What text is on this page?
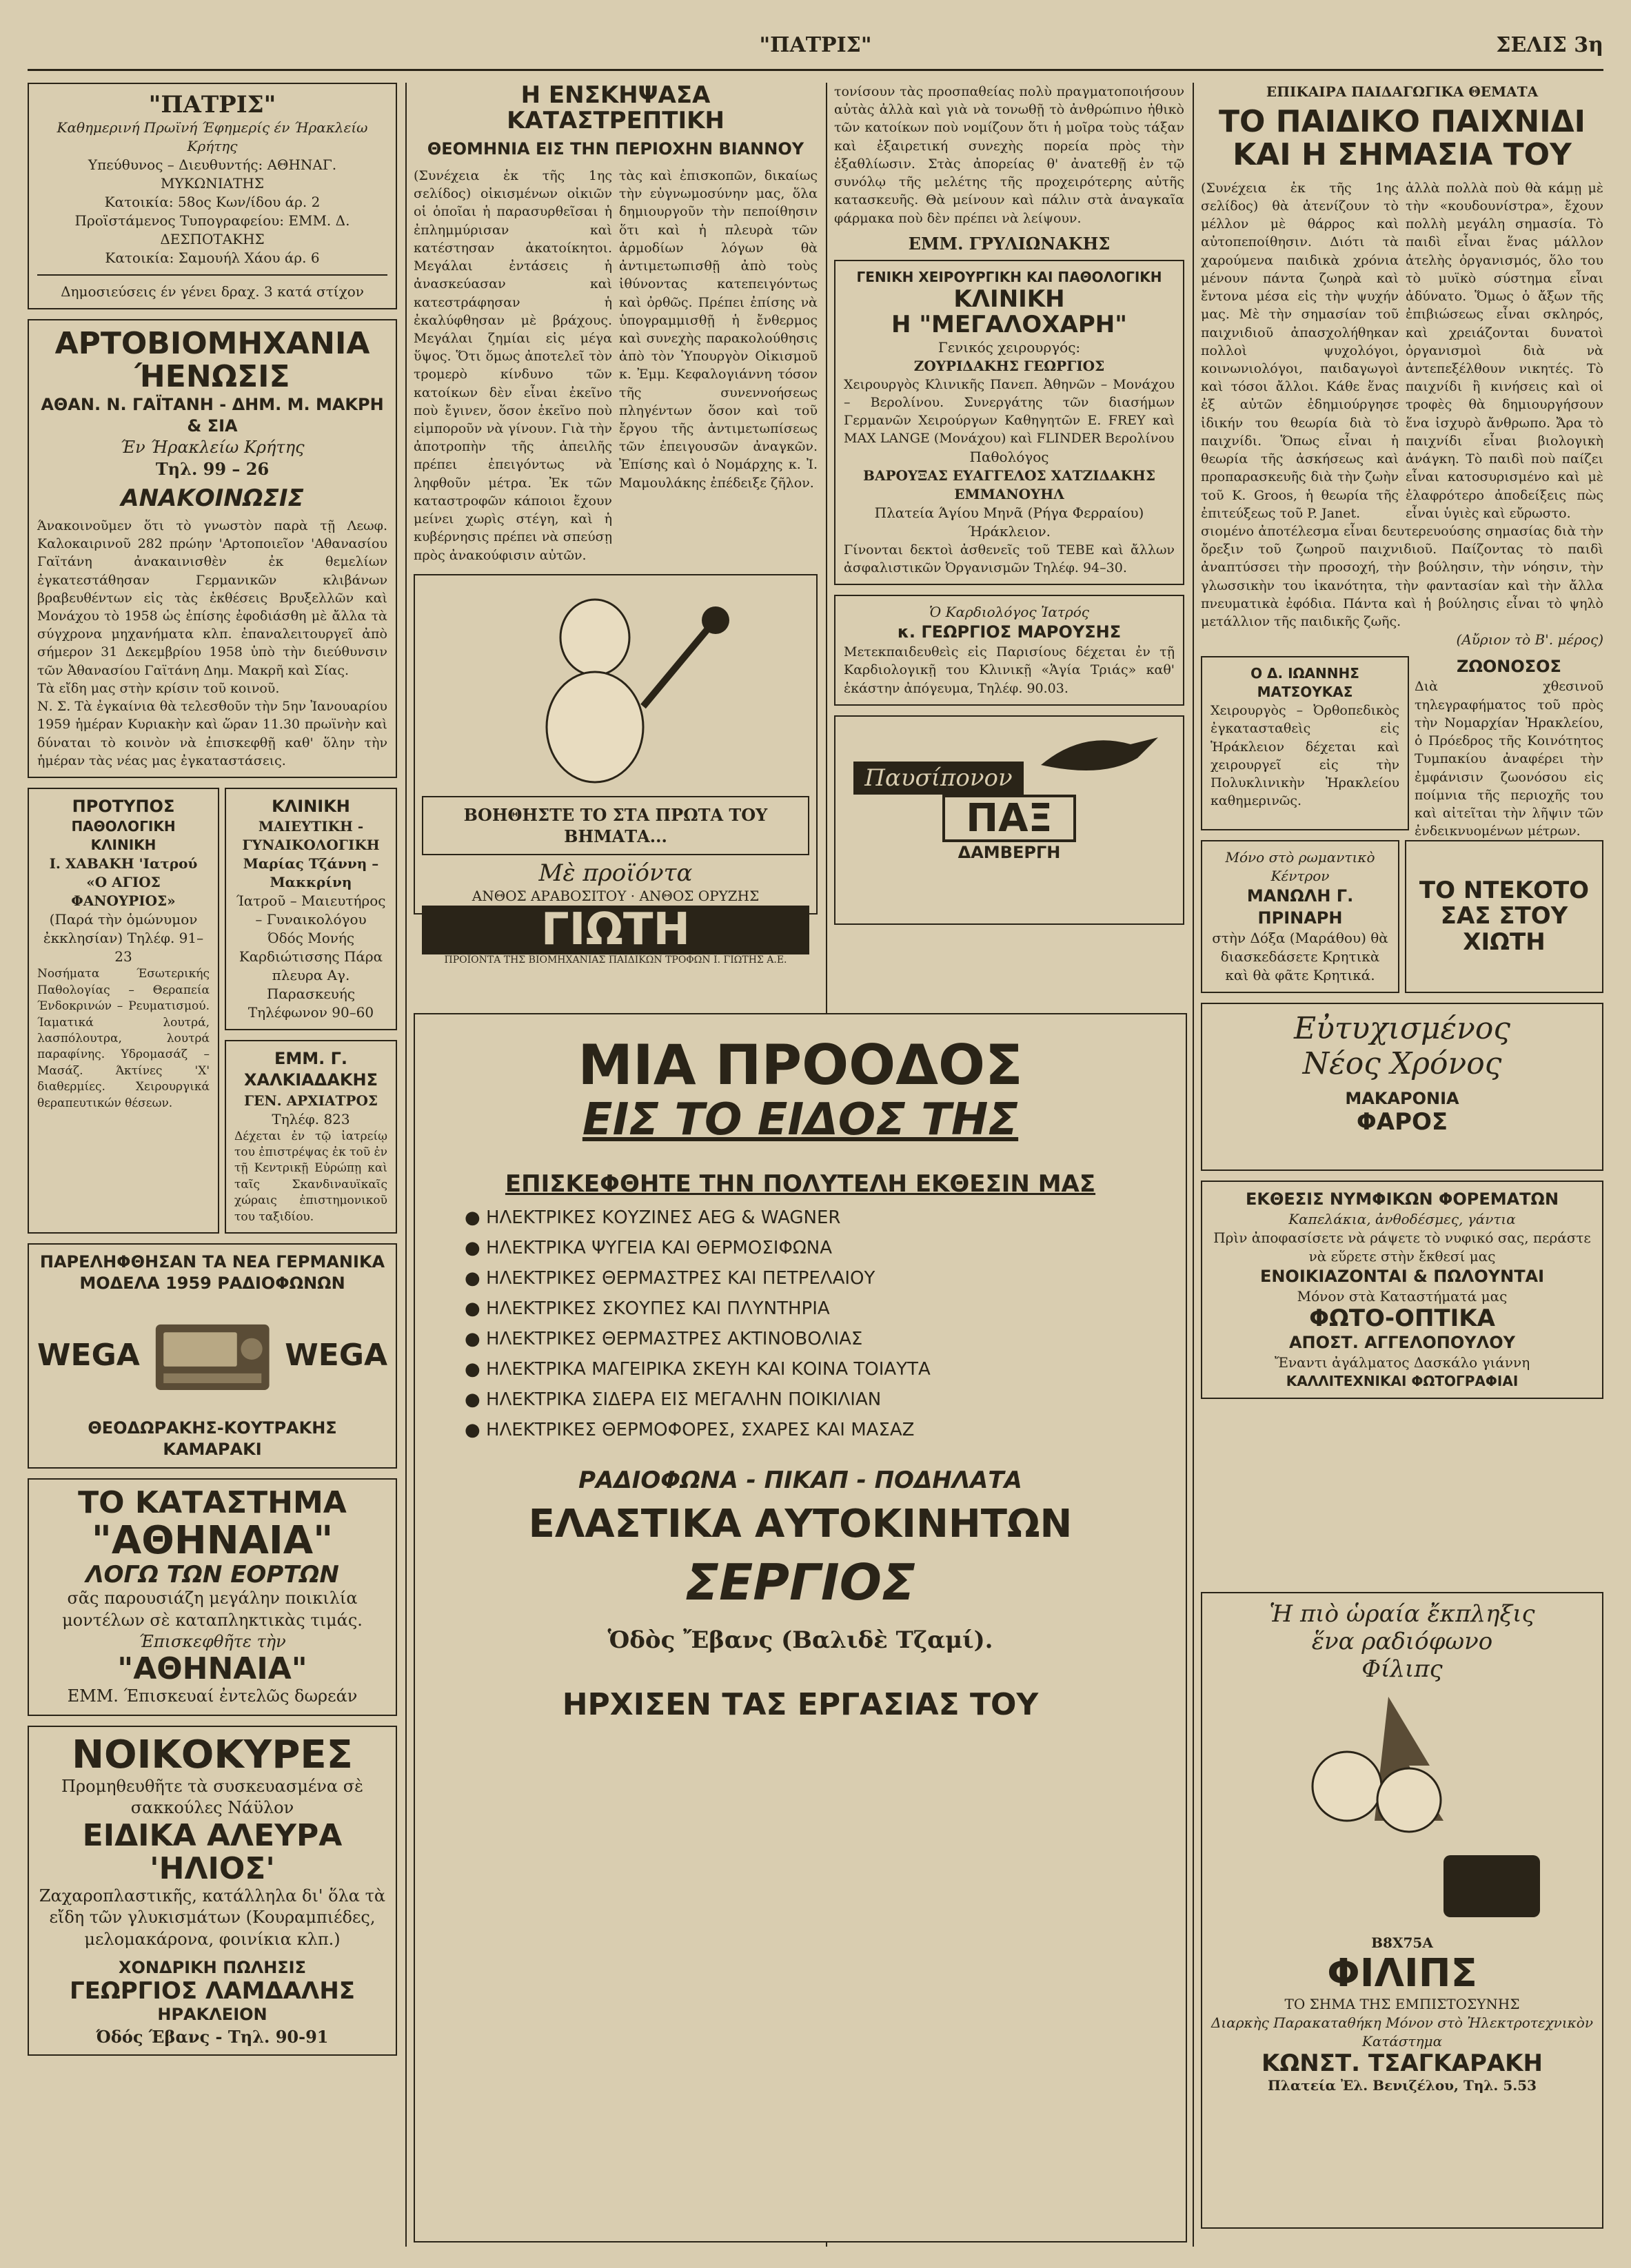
"ΠΑΤΡΙΣ"	ΣΕΛΙΣ 3η
"ΠΑΤΡΙΣ"
Καθημερινή Πρωϊνή Έφημερίς έν Ήρακλείω Κρήτης
Υπεύθυνος – Διευθυντής: ΑΘΗΝΑΓ. ΜΥΚΩΝΙΑΤΗΣ
Κατοικία: 58ος Κων/ίδου άρ. 2
Προϊστάμενος Τυπογραφείου: ΕΜΜ. Δ. ΔΕΣΠΟΤΑΚΗΣ
Κατοικία: Σαμουήλ Χάου άρ. 6
Δημοσιεύσεις έν γένει δραχ. 3 κατά στίχον
ΑΡΤΟΒΙΟΜΗΧΑΝΙΑ ΉΕΝΩΣΙΣ
ΑΘΑΝ. Ν. ΓΑΪΤΑΝΗ - ΔΗΜ. Μ. ΜΑΚΡΗ & ΣΙΑ
Έν Ήρακλείω Κρήτης
Τηλ. 99 – 26
ΑΝΑΚΟΙΝΩΣΙΣ
Άνακοινοῦμεν ὅτι τὸ γνωστὸν παρὰ τῇ Λεωφ. Καλοκαιρινοῦ 282 πρώην 'Αρτοποιεῖον 'Αθανασίου Γαϊτάνη ἀνακαινισθὲν ἐκ θεμελίων ἐγκατεστάθησαν Γερμανικῶν κλιβάνων βραβευθέντων εἰς τὰς ἐκθέσεις Βρυξελλῶν καὶ Μονάχου τὸ 1958 ὡς ἐπίσης ἐφοδιάσθη μὲ ἄλλα τὰ σύγχρονα μηχανήματα κλπ. ἐπαναλειτουργεῖ ἀπὸ σήμερον 31 Δεκεμβρίου 1958 ὑπὸ τὴν διεύθυνσιν τῶν Ἀθανασίου Γαϊτάνη Δημ. Μακρῆ καὶ Σίας.
Τὰ εἴδη μας στὴν κρίσιν τοῦ κοινοῦ.
Ν. Σ. Τὰ ἐγκαίνια θὰ τελεσθοῦν τὴν 5ην Ἰανουαρίου 1959 ἡμέραν Κυριακὴν καὶ ὥραν 11.30 πρωϊνὴν καὶ δύναται τὸ κοινὸν νὰ ἐπισκεφθῇ καθ' ὅλην τὴν ἡμέραν τὰς νέας μας ἐγκαταστάσεις.
ΠΡΟΤΥΠΟΣ
ΠΑΘΟΛΟΓΙΚΗ ΚΛΙΝΙΚΗ
Ι. ΧΑΒΑΚΗ 'Ιατρού
«Ο ΑΓΙΟΣ ΦΑΝΟΥΡΙΟΣ»
(Παρά τὴν ὁμώνυμον ἐκκλησίαν) Τηλέφ. 91–23
Νοσήματα Έσωτερικής Παθολογίας – Θεραπεία Ένδοκρινών – Ρευματισμού. Ίαματικά λουτρά, λασπόλουτρα, λουτρά παραφίνης. Υδρομασάζ – Μασάζ. Άκτίνες 'Χ' διαθερμίες. Χειρουργικά θεραπευτικών θέσεων.
ΚΛΙΝΙΚΗ
ΜΑΙΕΥΤΙΚΗ - ΓΥΝΑΙΚΟΛΟΓΙΚΗ
Μαρίας Τζάννη – Μακκρίνη
Ίατροῦ – Μαιευτήρος – Γυναικολόγου
Όδός Μονής Καρδιώτισσης Πάρα πλευρα Αγ. Παρασκευής Τηλέφωνον 90–60
ΕΜΜ. Γ. ΧΑΛΚΙΑΔΑΚΗΣ
ΓΕΝ. ΑΡΧΙΑΤΡΟΣ
Τηλέφ. 823
Δέχεται ἐν τῷ ἰατρείῳ του ἐπιστρέψας ἐκ τοῦ ἐν τῇ Κεντρικῇ Εὐρώπῃ καὶ ταῖς Σκανδιναυϊκαῖς χώραις ἐπιστημονικοῦ του ταξιδίου.
ΠΑΡΕΛΗΦΘΗΣΑΝ ΤΑ ΝΕΑ ΓΕΡΜΑΝΙΚΑ
ΜΟΔΕΛΑ 1959 ΡΑΔΙΟΦΩΝΩΝ
WEGA	WEGA
ΘΕΟΔΩΡΑΚΗΣ-ΚΟΥΤΡΑΚΗΣ
ΚΑΜΑΡΑΚΙ
ΤΟ ΚΑΤΑΣΤΗΜΑ
"ΑΘΗΝΑΙΑ"
ΛΟΓΩ ΤΩΝ ΕΟΡΤΩΝ
σᾶς παρουσιάζη μεγάλην ποικιλία μοντέλων σὲ καταπληκτικὰς τιμάς.
Έπισκεφθῆτε τὴν
"ΑΘΗΝΑΙΑ"
ΕΜΜ. Έπισκευαί ἐντελῶς δωρεάν
ΝΟΙΚΟΚΥΡΕΣ
Προμηθευθῆτε τὰ συσκευασμένα σὲ σακκούλες Νάϋλον
ΕΙΔΙΚΑ ΑΛΕΥΡΑ 'ΗΛΙΟΣ'
Ζαχαροπλαστικῆς, κατάλληλα δι' ὅλα τὰ εἴδη τῶν γλυκισμάτων (Κουραμπιέδες, μελομακάρονα, φοινίκια κλπ.)
ΧΟΝΔΡΙΚΗ ΠΩΛΗΣΙΣ
ΓΕΩΡΓΙΟΣ ΛΑΜΔΑΛΗΣ
ΗΡΑΚΛΕΙΟΝ
Όδός Έβανς - Τηλ. 90-91
Η ΕΝΣΚΗΨΑΣΑ ΚΑΤΑΣΤΡΕΠΤΙΚΗ
ΘΕΟΜΗΝΙΑ ΕΙΣ ΤΗΝ ΠΕΡΙΟΧΗΝ ΒΙΑΝΝΟΥ
(Συνέχεια ἐκ τῆς 1ης σελίδος) οἰκισμένων οἰκιῶν οἱ ὁποῖαι ἡ παρασυρθεῖσαι ἡ ἐπλημμύρισαν καὶ κατέστησαν ἀκατοίκητοι. Μεγάλαι ἐντάσεις ἡ ἀνασκεύασαν καὶ κατεστράφησαν ἡ ἐκαλύφθησαν μὲ βράχους. Μεγάλαι ζημίαι εἰς μέγα ὕψος. Ὅτι ὅμως ἀποτελεῖ τὸν τρομερὸ κίνδυνο τῶν κατοίκων δὲν εἶναι ἐκεῖνο ποὺ ἔγινεν, ὅσον ἐκεῖνο ποὺ εἰμποροῦν νὰ γίνουν. Γιὰ τὴν ἀποτροπὴν τῆς ἀπειλῆς πρέπει ἐπειγόντως νὰ ληφθοῦν μέτρα. Ἐκ τῶν καταστροφῶν κάποιοι ἔχουν μείνει χωρὶς στέγη, καὶ ἡ κυβέρνησις πρέπει νὰ σπεύσῃ πρὸς ἀνακούφισιν αὐτῶν.
τὰς καὶ ἐπισκοπῶν, δικαίως τὴν εὐγνωμοσύνην μας, ὅλα δημιουργοῦν τὴν πεποίθησιν ὅτι καὶ ἡ πλευρὰ τῶν ἀρμοδίων λόγων θὰ ἀντιμετωπισθῇ ἀπὸ τοὺς ἰθύνοντας κατεπειγόντως καὶ ὀρθῶς. Πρέπει ἐπίσης νὰ ὑπογραμμισθῇ ἡ ἔνθερμος καὶ συνεχὴς παρακολούθησις ἀπὸ τὸν Ὑπουργὸν Οἰκισμοῦ κ. Ἐμμ. Κεφαλογιάννη τόσον τῆς συνεννοήσεως πληγέντων ὅσον καὶ τοῦ ἔργου τῆς ἀντιμετωπίσεως τῶν ἐπειγουσῶν ἀναγκῶν. Ἐπίσης καὶ ὁ Νομάρχης κ. Ἰ. Μαμουλάκης ἐπέδειξε ζῆλον.
ΒΟΗΘΗΣΤΕ ΤΟ ΣΤΑ ΠΡΩΤΑ ΤΟΥ ΒΗΜΑΤΑ...
Μὲ προϊόντα
ΑΝΘΟΣ ΑΡΑΒΟΣΙΤΟΥ · ΑΝΘΟΣ ΟΡΥΖΗΣ
ΓΙΩΤΗ
ΠΡΟΪΟΝΤΑ ΤΗΣ ΒΙΟΜΗΧΑΝΙΑΣ ΠΑΙΔΙΚΩΝ ΤΡΟΦΩΝ Ι. ΓΙΩΤΗΣ Α.Ε.
τονίσουν τὰς προσπαθείας πολὺ πραγματοποιήσουν αὐτὰς ἀλλὰ καὶ γιὰ νὰ τονωθῇ τὸ ἀνθρώπινο ἠθικὸ τῶν κατοίκων ποὺ νομίζουν ὅτι ἡ μοῖρα τοὺς τάξαν καὶ ἐξαιρετική συνεχὴς πορεία πρὸς τὴν ἐξαθλίωσιν. Στὰς ἀπορείας θ' ἀνατεθῇ ἐν τῷ συνόλῳ τῆς μελέτης τῆς προχειρότερης αὐτῆς κατασκευῆς. Θὰ μείνουν καὶ πάλιν στὰ ἀναγκαῖα φάρμακα ποὺ δὲν πρέπει νὰ λείψουν.
ΕΜΜ. ΓΡΥΛΙΩΝΑΚΗΣ
ΓΕΝΙΚΗ ΧΕΙΡΟΥΡΓΙΚΗ ΚΑΙ ΠΑΘΟΛΟΓΙΚΗ
ΚΛΙΝΙΚΗ
Η "ΜΕΓΑΛΟΧΑΡΗ"
Γενικός χειρουργός:
ΖΟΥΡΙΔΑΚΗΣ ΓΕΩΡΓΙΟΣ
Χειρουργὸς Κλινικῆς Πανεπ. Ἀθηνῶν – Μονάχου – Βερολίνου. Συνεργάτης τῶν διασήμων Γερμανῶν Χειρούργων Καθηγητῶν E. FREY καὶ MAX LANGE (Μονάχου) καὶ FLINDER Βερολίνου
Παθολόγος
ΒΑΡΟΥΞΑΣ ΕΥΑΓΓΕΛΟΣ ΧΑΤΖΙΔΑΚΗΣ ΕΜΜΑΝΟΥΗΛ
Πλατεία Άγίου Μηνᾶ (Ρήγα Φερραίου) Ήράκλειον.
Γίνονται δεκτοὶ ἀσθενεῖς τοῦ ΤΕΒΕ καὶ ἄλλων ἀσφαλιστικῶν Ὀργανισμῶν Τηλέφ. 94–30.
Ὁ Καρδιολόγος Ἰατρός
κ. ΓΕΩΡΓΙΟΣ ΜΑΡΟΥΣΗΣ
Μετεκπαιδευθεὶς εἰς Παρισίους δέχεται ἐν τῇ Καρδιολογικῇ του Κλινικῇ «Ἁγία Τριάς» καθ' ἑκάστην ἀπόγευμα, Τηλέφ. 90.03.
Παυσίπονον  ΠΑΞ
ΔΑΜΒΕΡΓΗ
ΜΙΑ ΠΡΟΟΔΟΣ
ΕΙΣ ΤΟ ΕΙΔΟΣ ΤΗΣ
ΕΠΙΣΚΕΦΘΗΤΕ ΤΗΝ ΠΟΛΥΤΕΛΗ ΕΚΘΕΣΙΝ ΜΑΣ
● ΗΛΕΚΤΡΙΚΕΣ ΚΟΥΖΙΝΕΣ AEG & WAGNER
● ΗΛΕΚΤΡΙΚΑ ΨΥΓΕΙΑ ΚΑΙ ΘΕΡΜΟΣΙΦΩΝΑ
● ΗΛΕΚΤΡΙΚΕΣ ΘΕΡΜΑΣΤΡΕΣ ΚΑΙ ΠΕΤΡΕΛΑΙΟΥ
● ΗΛΕΚΤΡΙΚΕΣ ΣΚΟΥΠΕΣ ΚΑΙ ΠΛΥΝΤΗΡΙΑ
● ΗΛΕΚΤΡΙΚΕΣ ΘΕΡΜΑΣΤΡΕΣ ΑΚΤΙΝΟΒΟΛΙΑΣ
● ΗΛΕΚΤΡΙΚΑ ΜΑΓΕΙΡΙΚΑ ΣΚΕΥΗ ΚΑΙ ΚΟΙΝΑ ΤΟΙΑΥΤΑ
● ΗΛΕΚΤΡΙΚΑ ΣΙΔΕΡΑ ΕΙΣ ΜΕΓΑΛΗΝ ΠΟΙΚΙΛΙΑΝ
● ΗΛΕΚΤΡΙΚΕΣ ΘΕΡΜΟΦΟΡΕΣ, ΣΧΑΡΕΣ ΚΑΙ ΜΑΣΑΖ
ΡΑΔΙΟΦΩΝΑ - ΠΙΚΑΠ - ΠΟΔΗΛΑΤΑ
ΕΛΑΣΤΙΚΑ ΑΥΤΟΚΙΝΗΤΩΝ
ΣΕΡΓΙΟΣ
Ὁδὸς Ἔβανς (Βαλιδὲ Τζαμί).
ΗΡΧΙΣΕΝ ΤΑΣ ΕΡΓΑΣΙΑΣ ΤΟΥ
ΕΠΙΚΑΙΡΑ ΠΑΙΔΑΓΩΓΙΚΑ ΘΕΜΑΤΑ
ΤΟ ΠΑΙΔΙΚΟ ΠΑΙΧΝΙΔΙ ΚΑΙ Η ΣΗΜΑΣΙΑ ΤΟΥ
(Συνέχεια ἐκ τῆς 1ης σελίδος) θὰ ἀτενίζουν τὸ μέλλον μὲ θάρρος καὶ αὐτοπεποίθησιν. Διότι τὰ χαρούμενα παιδικὰ χρόνια μένουν πάντα ζωηρὰ καὶ ἔντονα μέσα εἰς τὴν ψυχήν μας. Μὲ τὴν σημασίαν τοῦ παιχνιδιοῦ ἀπασχολήθηκαν πολλοὶ ψυχολόγοι, κοινωνιολόγοι, παιδαγωγοὶ καὶ τόσοι ἄλλοι. Κάθε ἕνας ἐξ αὐτῶν ἐδημιούργησε ἰδικήν του θεωρία διὰ τὸ παιχνίδι. Ὅπως εἶναι ἡ θεωρία τῆς ἀσκήσεως καὶ προπαρασκευῆς διὰ τὴν ζωὴν τοῦ Κ. Groos, ἡ θεωρία τῆς ἐπιτεύξεως τοῦ P. Janet.
ἀλλὰ πολλὰ ποὺ θὰ κάμῃ μὲ τὴν «κουδουνίστρα», ἔχουν πολλὴ μεγάλη σημασία. Τὸ παιδὶ εἶναι ἕνας μάλλον ἀτελὴς ὀργανισμός, ὅλο του τὸ μυϊκὸ σύστημα εἶναι ἀδύνατο. Ὅμως ὁ ἄξων τῆς ἐπιβιώσεως εἶναι σκληρός, καὶ χρειάζονται δυνατοὶ ὀργανισμοὶ διὰ νὰ ἀντεπεξέλθουν νικητές. Τὸ παιχνίδι ἢ κινήσεις καὶ οἱ τροφὲς θὰ δημιουργήσουν ἕνα ἰσχυρὸ ἄνθρωπο. Ἄρα τὸ παιχνίδι εἶναι βιολογικὴ ἀνάγκη. Τὸ παιδὶ ποὺ παίζει εἶναι κατοσυρισμένο καὶ μὲ ἐλαφρότερο ἀποδείξεις πὼς εἶναι ὑγιὲς καὶ εὔρωστο.
σιομένο ἀποτέλεσμα εἶναι δευτερευούσης σημασίας διὰ τὴν ὄρεξιν τοῦ ζωηροῦ παιχνιδιοῦ. Παίζοντας τὸ παιδὶ ἀναπτύσσει τὴν προσοχή, τὴν βούλησιν, τὴν νόησιν, τὴν γλωσσικὴν του ἱκανότητα, τὴν φαντασίαν καὶ τὴν ἄλλα πνευματικὰ ἐφόδια. Πάντα καὶ ἡ βούλησις εἶναι τὸ ψηλὸ μετάλλιον τῆς παιδικῆς ζωῆς.
(Αὔριον τὸ Β'. μέρος)
Ο Δ. ΙΩΑΝΝΗΣ ΜΑΤΣΟΥΚΑΣ
Χειρουργὸς – Ὀρθοπεδικὸς ἐγκατασταθεὶς εἰς Ἡράκλειον δέχεται καὶ χειρουργεῖ εἰς τὴν Πολυκλινικὴν Ἡρακλείου καθημερινῶς.
ΖΩΟΝΟΣΟΣ
Διὰ χθεσινοῦ τηλεγραφήματος τοῦ πρὸς τὴν Νομαρχίαν Ἡρακλείου, ὁ Πρόεδρος τῆς Κοινότητος Τυμπακίου ἀναφέρει τὴν ἐμφάνισιν ζωονόσου εἰς ποίμνια τῆς περιοχῆς του καὶ αἰτεῖται τὴν λῆψιν τῶν ἐνδεικνυομένων μέτρων.
Μόνο στὸ ρωμαντικὸ Κέντρον
ΜΑΝΩΛΗ Γ. ΠΡΙΝΑΡΗ
στὴν Δόξα (Μαράθου) θὰ διασκεδάσετε Κρητικὰ καὶ θὰ φᾶτε Κρητικά.
ΤΟ ΝΤΕΚΟΤΟ ΣΑΣ ΣΤΟΥ ΧΙΩΤΗ
Εὐτυχισμένος
Νέος Χρόνος
ΜΑΚΑΡΟΝΙΑ
ΦΑΡΟΣ
ΕΚΘΕΣΙΣ ΝΥΜΦΙΚΩΝ ΦΟΡΕΜΑΤΩΝ
Καπελάκια, ἀνθοδέσμες, γάντια
Πρὶν ἀποφασίσετε νὰ ράψετε τὸ νυφικό σας, περάστε νὰ εὕρετε στὴν ἔκθεσί μας
ΕΝΟΙΚΙΑΖΟΝΤΑΙ & ΠΩΛΟΥΝΤΑΙ
Μόνον στὰ Καταστήματά μας
ΦΩΤΟ-ΟΠΤΙΚΑ
ΑΠΟΣΤ. ΑΓΓΕΛΟΠΟΥΛΟΥ
Ἔναντι ἀγάλματος Δασκάλο γιάννη
ΚΑΛΛΙΤΕΧΝΙΚΑΙ ΦΩΤΟΓΡΑΦΙΑΙ
Ἡ πιὸ ὡραία ἔκπληξις
ἕνα ραδιόφωνο
Φίλιπς
B8X75A
ΦΙΛΙΠΣ
ΤΟ ΣΗΜΑ ΤΗΣ ΕΜΠΙΣΤΟΣΥΝΗΣ
Διαρκὴς Παρακαταθήκη Μόνον στὸ Ἠλεκτροτεχνικὸν Κατάστημα
ΚΩΝΣΤ. ΤΣΑΓΚΑΡΑΚΗ
Πλατεία Ἐλ. Βενιζέλου, Τηλ. 5.53
